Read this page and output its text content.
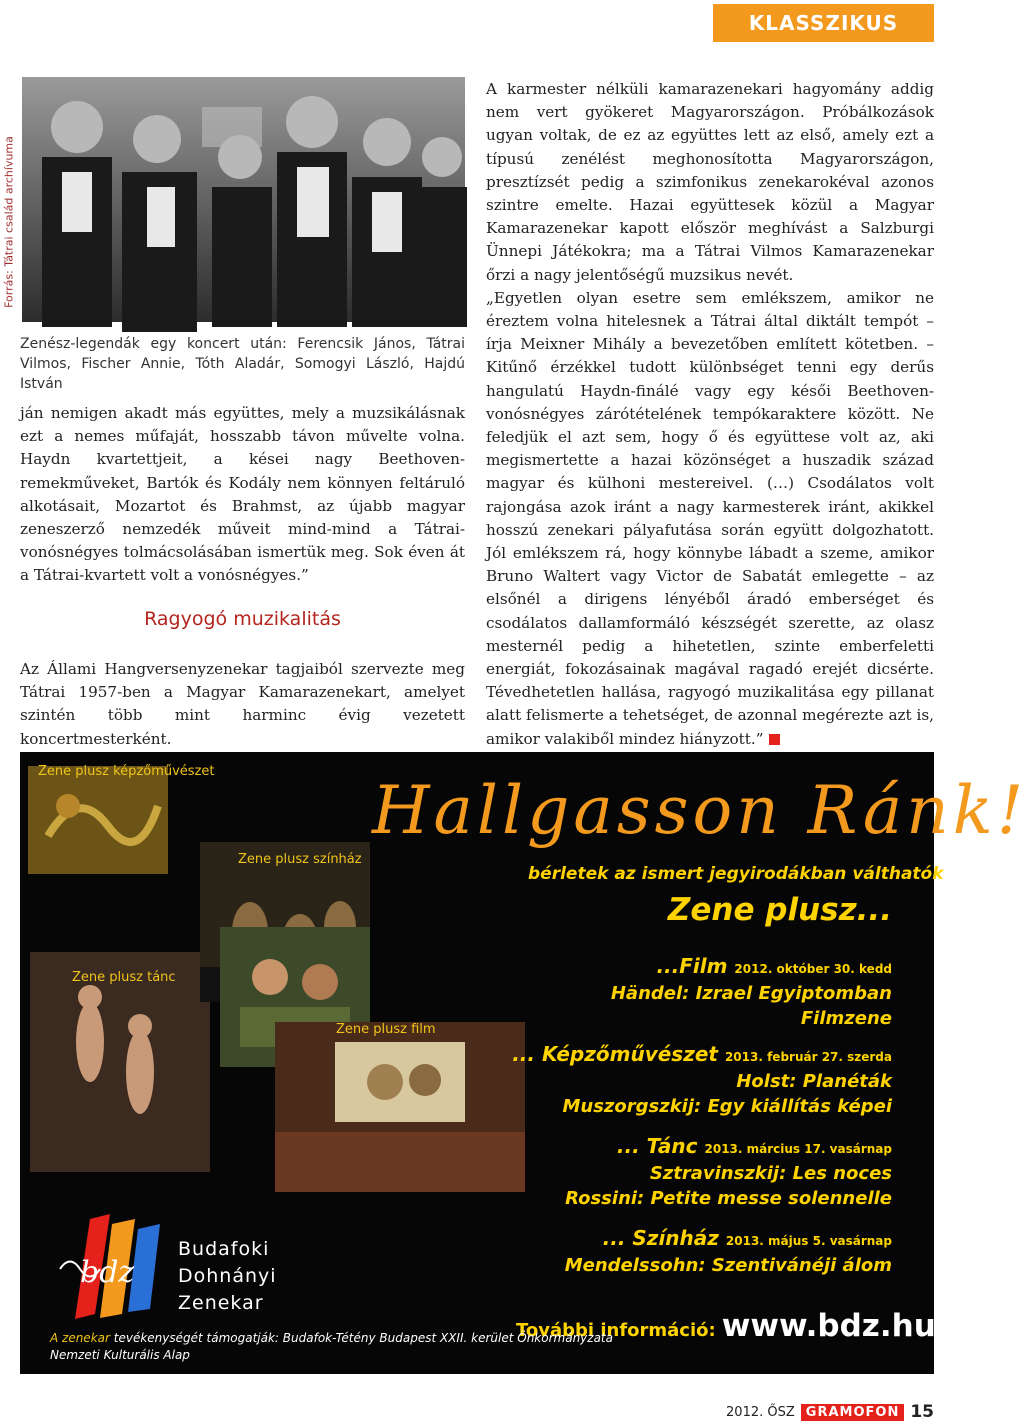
KLASSZIKUS
Forrás: Tátrai család archívuma
Zenész-legendák egy koncert után: Ferencsik János, Tátrai Vilmos, Fischer Annie, Tóth Aladár, Somogyi László, Hajdú István

ján nemigen akadt más együttes, mely a muzsikálásnak ezt a nemes műfaját, hosszabb távon művelte volna. Haydn kvartettjeit, a kései nagy Beethoven-remekműveket, Bartók és Kodály nem könnyen feltáruló alkotásait, Mozartot és Brahmst, az újabb magyar zeneszerző nemzedék műveit mind-mind a Tátrai-vonósnégyes tolmácsolásában ismertük meg. Sok éven át a Tátrai-kvartett volt a vonósnégyes.”

Ragyogó muzikalitás

Az Állami Hangversenyzenekar tagjaiból szervezte meg Tátrai 1957-ben a Magyar Kamarazenekart, amelyet szintén több mint harminc évig vezetett koncertmesterként.

A karmester nélküli kamarazenekari hagyomány addig nem vert gyökeret Magyarországon. Próbálkozások ugyan voltak, de ez az együttes lett az első, amely ezt a típusú zenélést meghonosította Magyarországon, presztízsét pedig a szimfonikus zenekarokéval azonos szintre emelte. Hazai együttesek közül a Magyar Kamarazenekar kapott először meghívást a Salzburgi Ünnepi Játékokra; ma a Tátrai Vilmos Kamarazenekar őrzi a nagy jelentőségű muzsikus nevét.

„Egyetlen olyan esetre sem emlékszem, amikor ne éreztem volna hitelesnek a Tátrai által diktált tempót – írja Meixner Mihály a bevezetőben említett kötetben. – Kitűnő érzékkel tudott különbséget tenni egy derűs hangulatú Haydn-finálé vagy egy késői Beethoven-vonósnégyes zárótételének tempókaraktere között. Ne feledjük el azt sem, hogy ő és együttese volt az, aki megismertette a hazai közönséget a huszadik század magyar és külhoni mestereivel. (…) Csodálatos volt rajongása azok iránt a nagy karmesterek iránt, akikkel hosszú zenekari pályafutása során együtt dolgozhatott. Jól emlékszem rá, hogy könnybe lábadt a szeme, amikor Bruno Waltert vagy Victor de Sabatát emlegette – az elsőnél a dirigens lényéből áradó emberséget és csodálatos dallamformáló készségét szerette, az olasz mesternél pedig a hihetetlen, szinte emberfeletti energiát, fokozásainak magával ragadó erejét dicsérte. Tévedhetetlen hallása, ragyogó muzikalitása egy pillanat alatt felismerte a tehetséget, de azonnal megérezte azt is, amikor valakiből mindez hiányzott.”

Zene plusz képzőművészet
Zene plusz tánc
Zene plusz színház
Zene plusz film
Hallgasson Ránk!
bérletek az ismert jegyirodákban válthatók
Zene plusz...
...Film 2012. október 30. kedd
Händel: Izrael Egyiptomban
Filmzene
... Képzőművészet 2013. február 27. szerda
Holst: Planéták
Muszorgszkij: Egy kiállítás képei
... Tánc 2013. március 17. vasárnap
Sztravinszkij: Les noces
Rossini: Petite messe solennelle
... Színház 2013. május 5. vasárnap
Mendelssohn: Szentivánéji álom
bdz
Budafoki
Dohnányi
Zenekar
További információ: www.bdz.hu
A zenekar tevékenységét támogatják: Budafok-Tétény Budapest XXII. kerület Önkormányzata
Nemzeti Kulturális Alap
2012. ŐSZ GRAMOFON 15
